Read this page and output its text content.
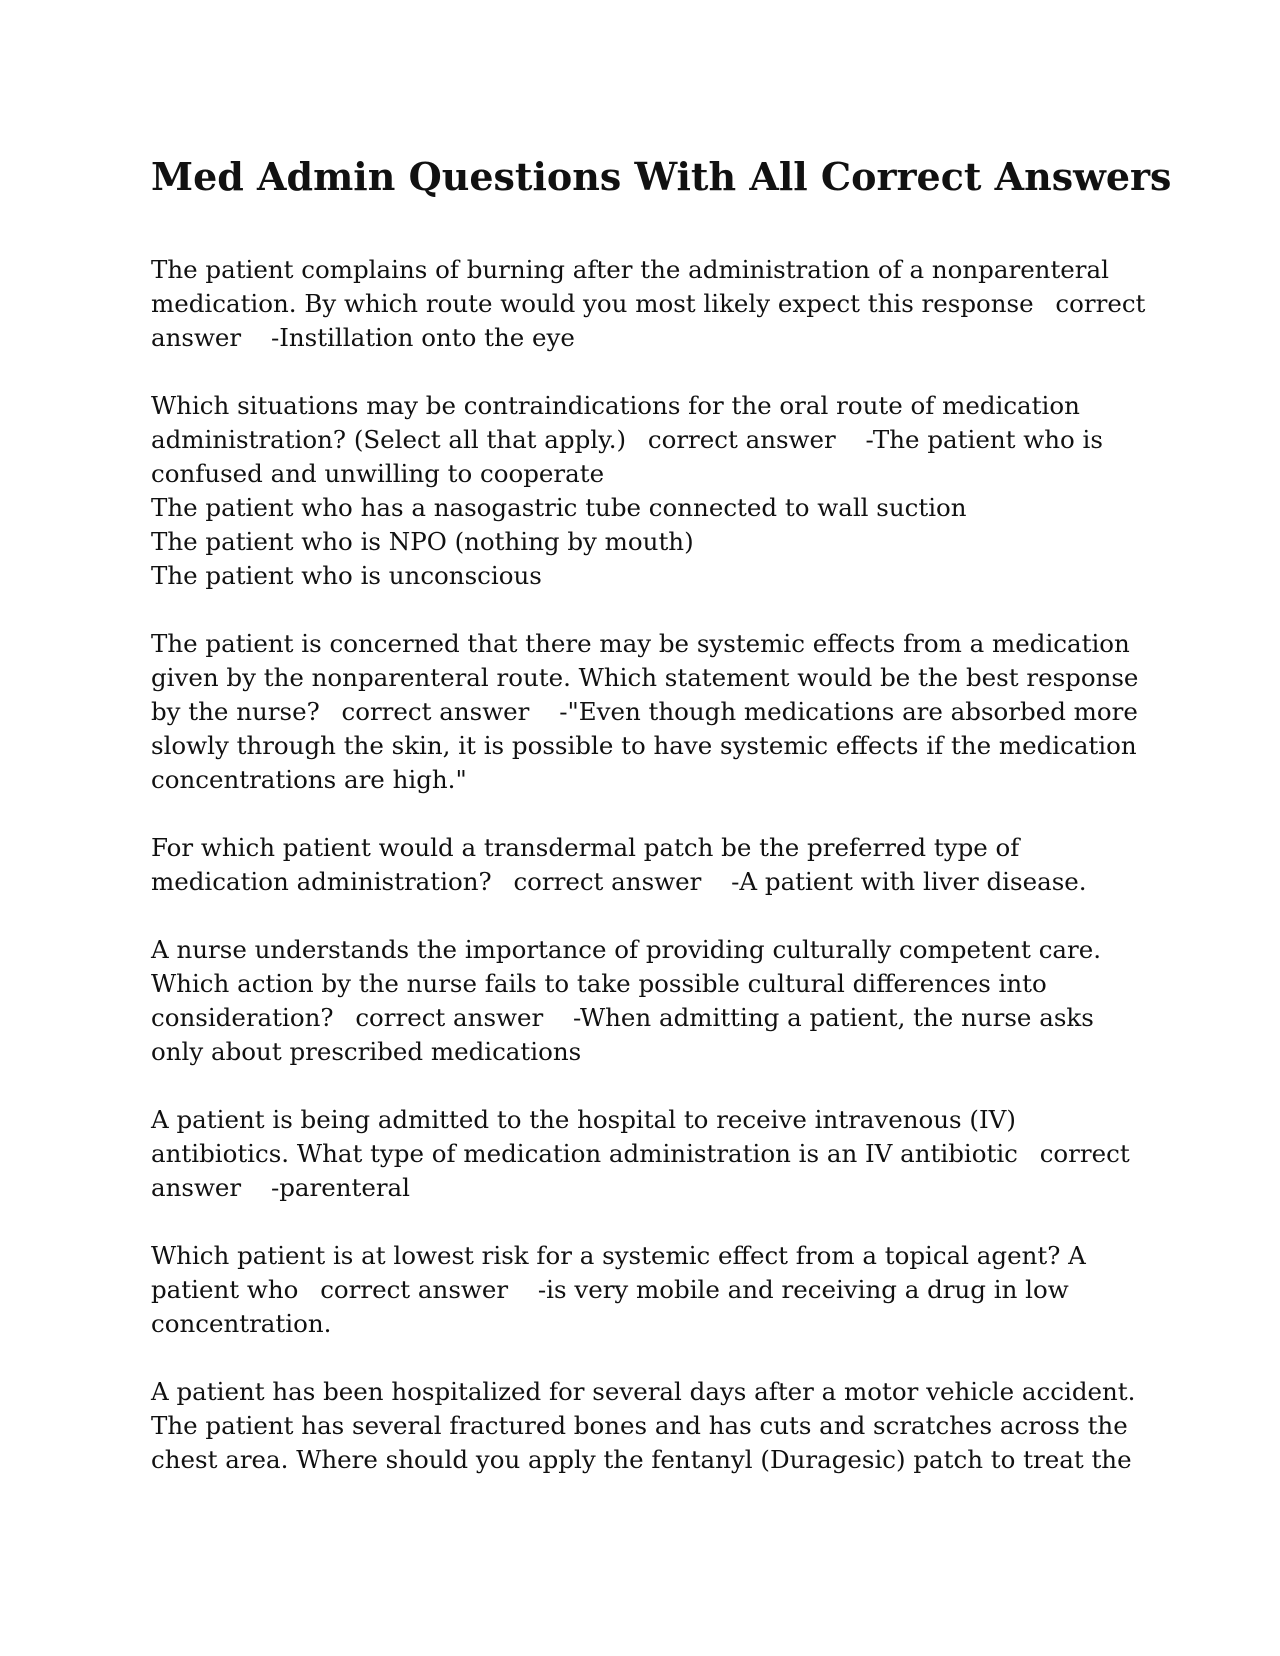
Med Admin Questions With All Correct Answers
The patient complains of burning after the administration of a nonparenteral medication. By which route would you most likely expect this response correct answer -Instillation onto the eye
Which situations may be contraindications for the oral route of medication administration? (Select all that apply.) correct answer -The patient who is confused and unwilling to cooperate
The patient who has a nasogastric tube connected to wall suction
The patient who is NPO (nothing by mouth)
The patient who is unconscious
The patient is concerned that there may be systemic effects from a medication given by the nonparenteral route. Which statement would be the best response by the nurse? correct answer -"Even though medications are absorbed more slowly through the skin, it is possible to have systemic effects if the medication concentrations are high."
For which patient would a transdermal patch be the preferred type of medication administration? correct answer -A patient with liver disease.
A nurse understands the importance of providing culturally competent care. Which action by the nurse fails to take possible cultural differences into consideration? correct answer -When admitting a patient, the nurse asks only about prescribed medications
A patient is being admitted to the hospital to receive intravenous (IV) antibiotics. What type of medication administration is an IV antibiotic correct answer -parenteral
Which patient is at lowest risk for a systemic effect from a topical agent? A patient who correct answer -is very mobile and receiving a drug in low concentration.
A patient has been hospitalized for several days after a motor vehicle accident. The patient has several fractured bones and has cuts and scratches across the chest area. Where should you apply the fentanyl (Duragesic) patch to treat the
